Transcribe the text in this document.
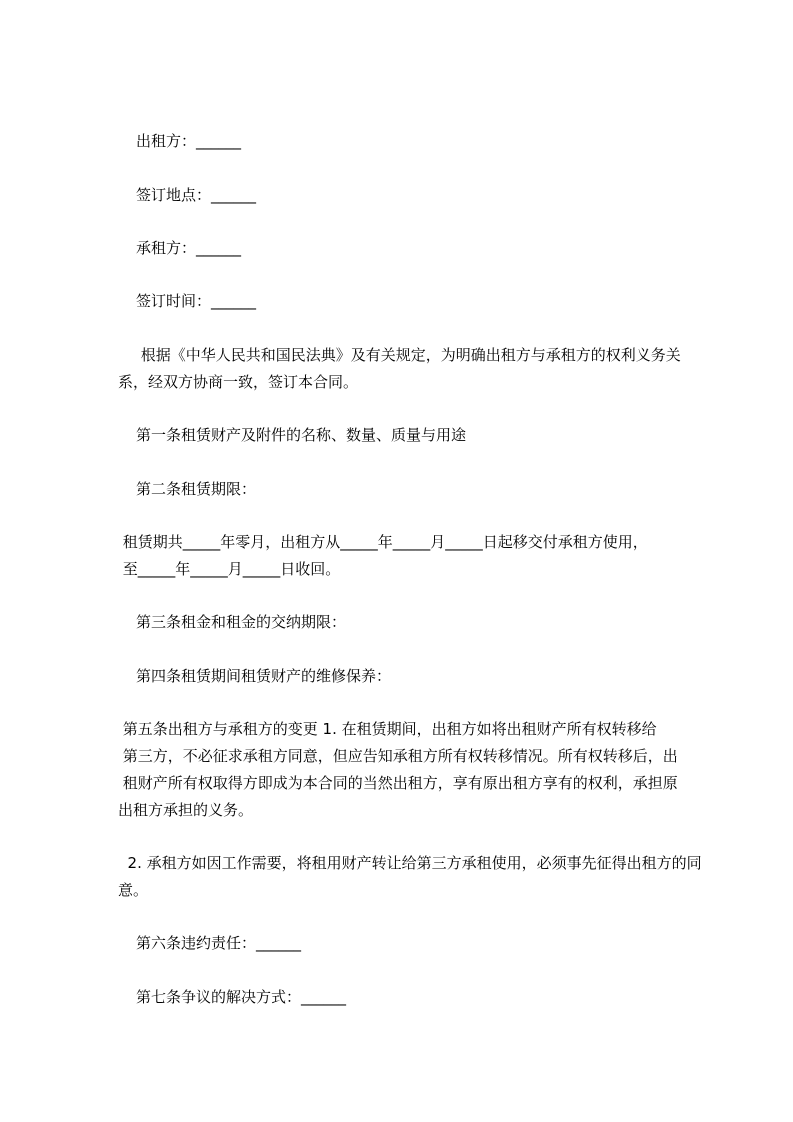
出租方：______

签订地点：______

承租方：______

签订时间：______

根据《中华人民共和国民法典》及有关规定，为明确出租方与承租方的权利义务关系，经双方协商一致，签订本合同。

第一条租赁财产及附件的名称、数量、质量与用途

第二条租赁期限：

租赁期共_____年零月，出租方从_____年_____月_____日起移交付承租方使用，

至_____年_____月_____日收回。

第三条租金和租金的交纳期限：

第四条租赁期间租赁财产的维修保养：

第五条出租方与承租方的变更 1. 在租赁期间，出租方如将出租财产所有权转移给

第三方，不必征求承租方同意，但应告知承租方所有权转移情况。所有权转移后，出

租财产所有权取得方即成为本合同的当然出租方，享有原出租方享有的权利，承担原

出租方承担的义务。

2. 承租方如因工作需要，将租用财产转让给第三方承租使用，必须事先征得出租方的同意。

第六条违约责任：______

第七条争议的解决方式：______
